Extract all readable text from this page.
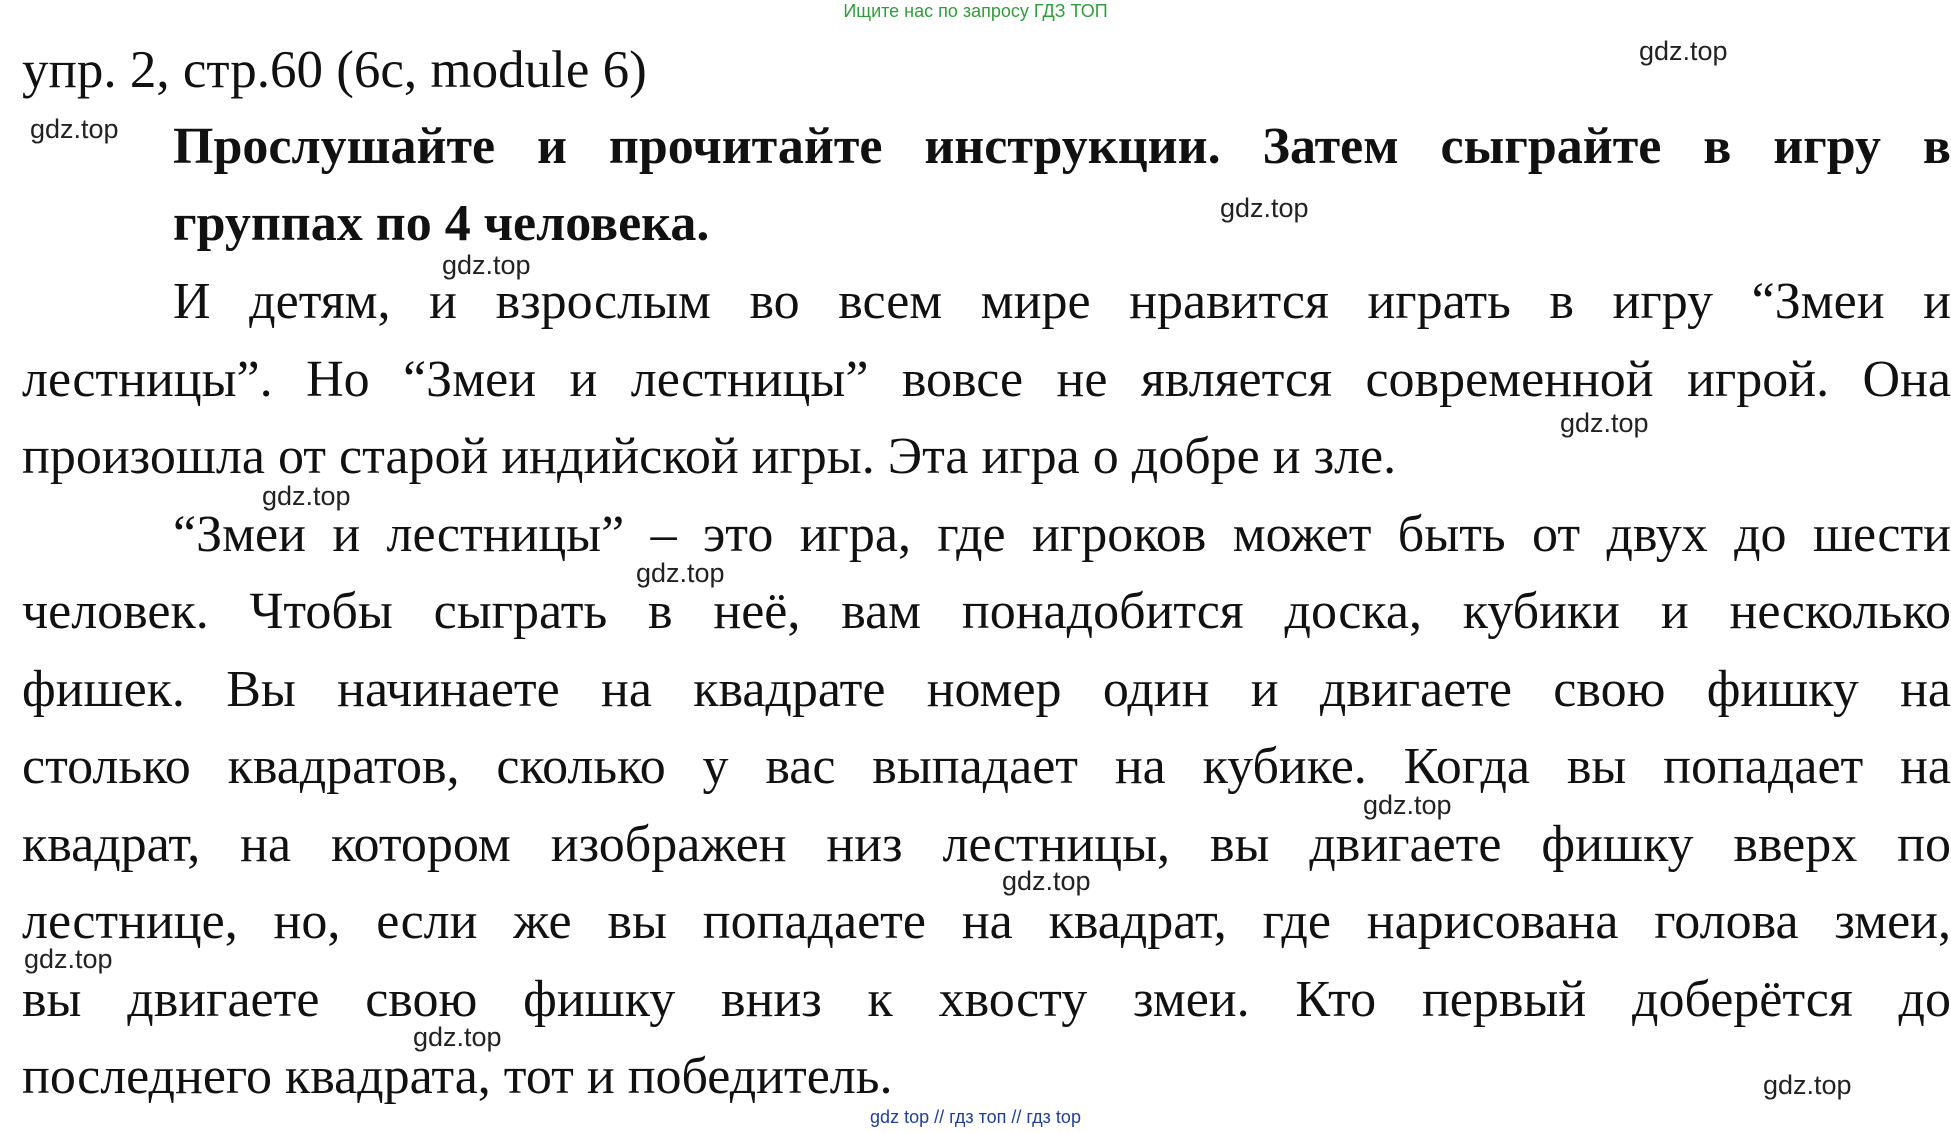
Ищите нас по запросу ГДЗ ТОП
упр. 2, стр.60 (6с, module 6)
Прослушайте и прочитайте инструкции. Затем сыграйте в игру в
группах по 4 человека.
И детям, и взрослым во всем мире нравится играть в игру “Змеи и
лестницы”. Но “Змеи и лестницы” вовсе не является современной игрой. Она
произошла от старой индийской игры. Эта игра о добре и зле.
“Змеи и лестницы” – это игра, где игроков может быть от двух до шести
человек. Чтобы сыграть в неё, вам понадобится доска, кубики и несколько
фишек. Вы начинаете на квадрате номер один и двигаете свою фишку на
столько квадратов, сколько у вас выпадает на кубике. Когда вы попадает на
квадрат, на котором изображен низ лестницы, вы двигаете фишку вверх по
лестнице, но, если же вы попадаете на квадрат, где нарисована голова змеи,
вы двигаете свою фишку вниз к хвосту змеи. Кто первый доберётся до
последнего квадрата, тот и победитель.
gdz.top
gdz.top
gdz.top
gdz.top
gdz.top
gdz.top
gdz.top
gdz.top
gdz.top
gdz.top
gdz.top
gdz.top
gdz top // гдз топ // гдз top
